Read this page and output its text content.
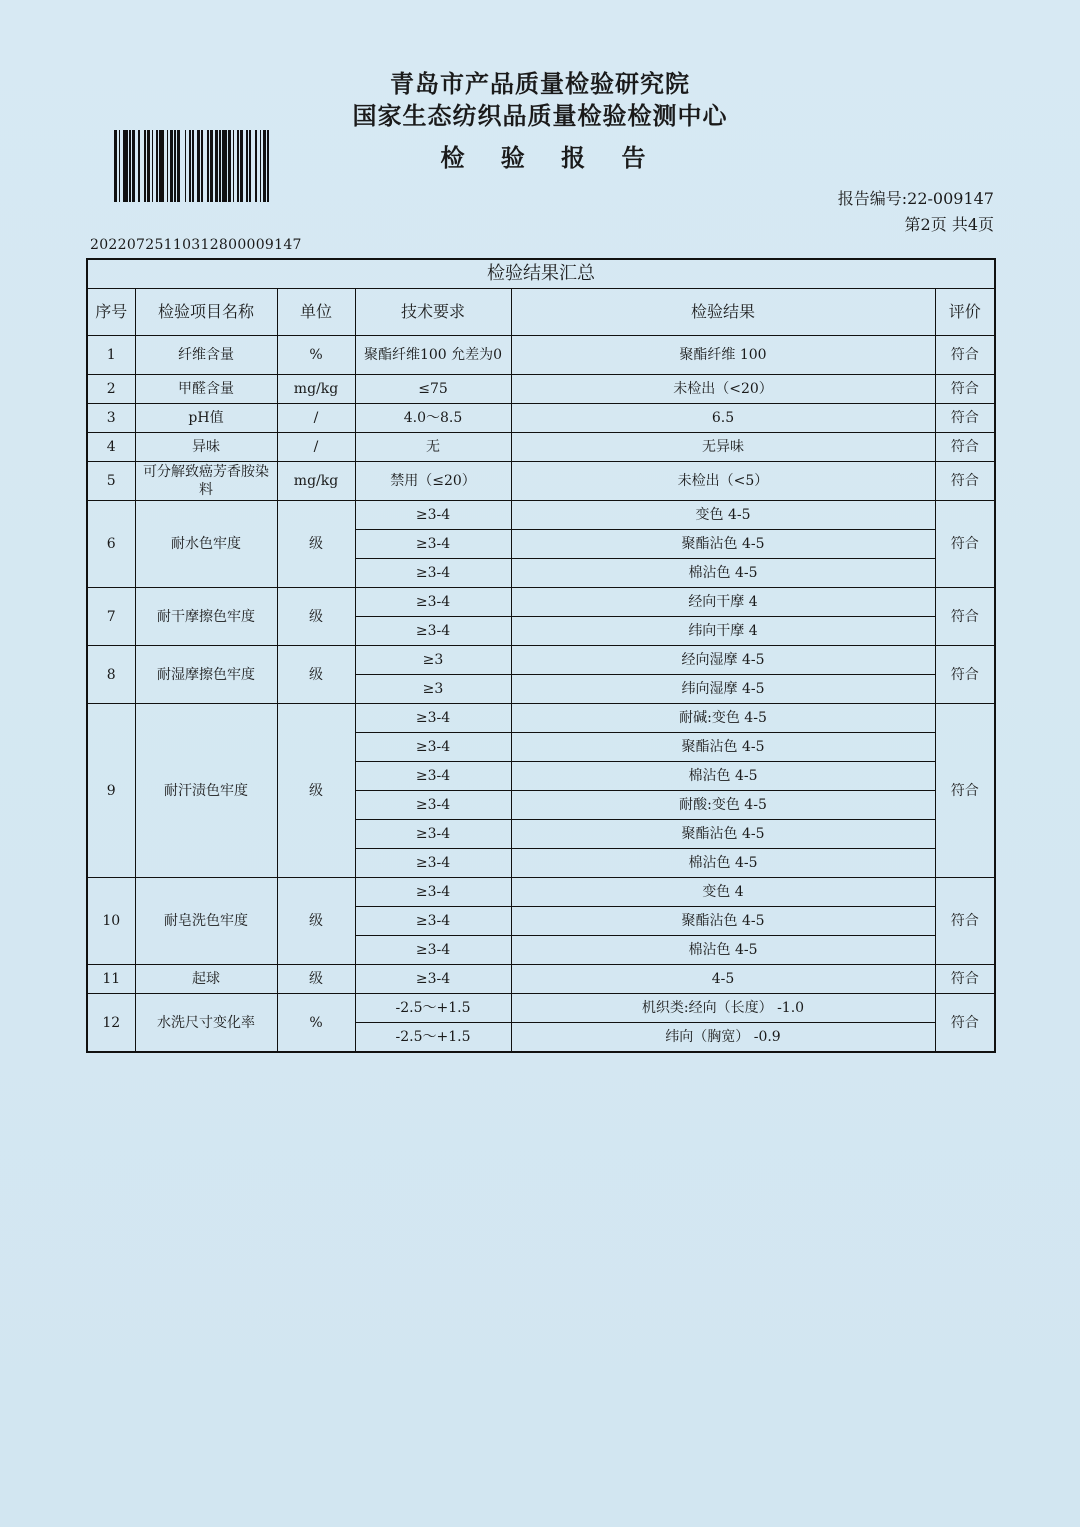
青岛市产品质量检验研究院
国家生态纺织品质量检验检测中心
检 验 报 告
报告编号:22-009147
第2页 共4页
20220725110312800009147
检验结果汇总					
序号	检验项目名称	单位	技术要求	检验结果	评价
1	纤维含量	%	聚酯纤维100 允差为0	聚酯纤维 100	符合
2	甲醛含量	mg/kg	≤75	未检出（<20）	符合
3	pH值	/	4.0～8.5	6.5	符合
4	异味	/	无	无异味	符合
5	可分解致癌芳香胺染料	mg/kg	禁用（≤20）	未检出（<5）	符合
6	耐水色牢度	级	≥3-4	变色 4-5	符合
			≥3-4	聚酯沾色 4-5	
			≥3-4	棉沾色 4-5	
7	耐干摩擦色牢度	级	≥3-4	经向干摩 4	符合
			≥3-4	纬向干摩 4	
8	耐湿摩擦色牢度	级	≥3	经向湿摩 4-5	符合
			≥3	纬向湿摩 4-5	
9	耐汗渍色牢度	级	≥3-4	耐碱:变色 4-5	符合
			≥3-4	聚酯沾色 4-5	
			≥3-4	棉沾色 4-5	
			≥3-4	耐酸:变色 4-5	
			≥3-4	聚酯沾色 4-5	
			≥3-4	棉沾色 4-5	
10	耐皂洗色牢度	级	≥3-4	变色 4	符合
			≥3-4	聚酯沾色 4-5	
			≥3-4	棉沾色 4-5	
11	起球	级	≥3-4	4-5	符合
12	水洗尺寸变化率	%	-2.5～+1.5	机织类:经向（长度） -1.0	符合
			-2.5～+1.5	纬向（胸宽） -0.9	
